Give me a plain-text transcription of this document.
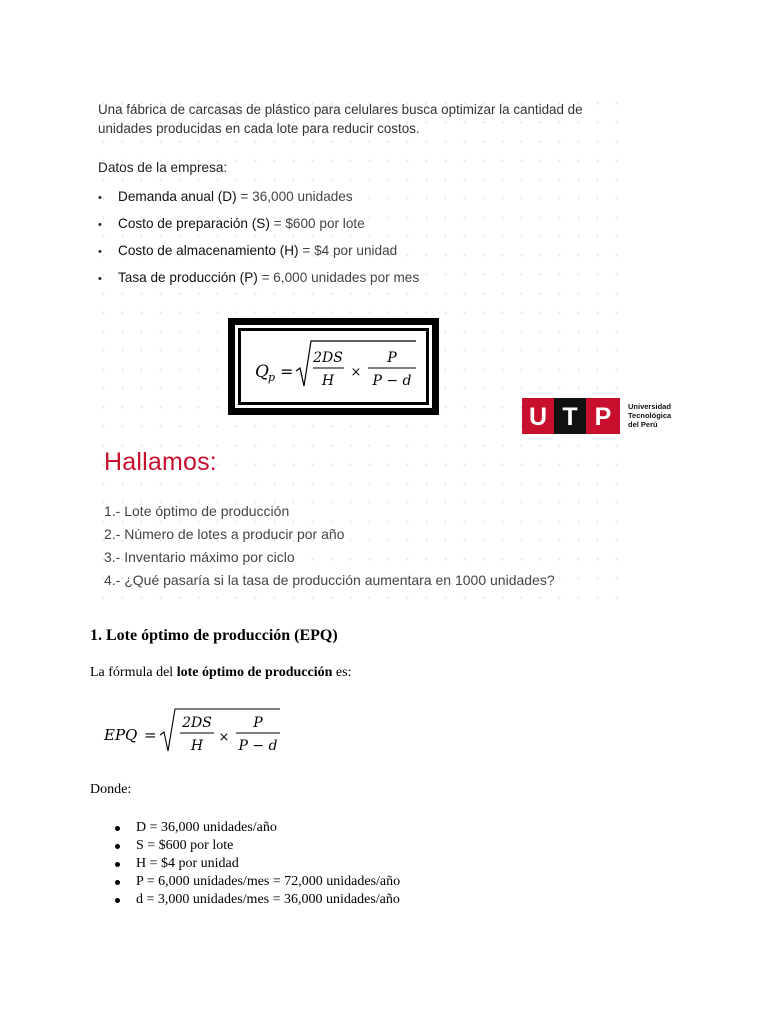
Una fábrica de carcasas de plástico para celulares busca optimizar la cantidad de unidades producidas en cada lote para reducir costos.
Datos de la empresa:
• Demanda anual (D) = 36,000 unidades
• Costo de preparación (S) = $600 por lote
• Costo de almacenamiento (H) = $4 por unidad
• Tasa de producción (P) = 6,000 unidades por mes
Q p =
2DS
H
×
P
P − d
U T P Universidad
Tecnológica
del Perú
Hallamos:
1.- Lote óptimo de producción
2.- Número de lotes a producir por año
3.- Inventario máximo por ciclo
4.- ¿Qué pasaría si la tasa de producción aumentara en 1000 unidades?
1. Lote óptimo de producción (EPQ)
La fórmula del lote óptimo de producción es:
EPQ =
2DS
H
×
P
P − d
Donde:
D = 36,000 unidades/año
S = $600 por lote
H = $4 por unidad
P = 6,000 unidades/mes = 72,000 unidades/año
d = 3,000 unidades/mes = 36,000 unidades/año
